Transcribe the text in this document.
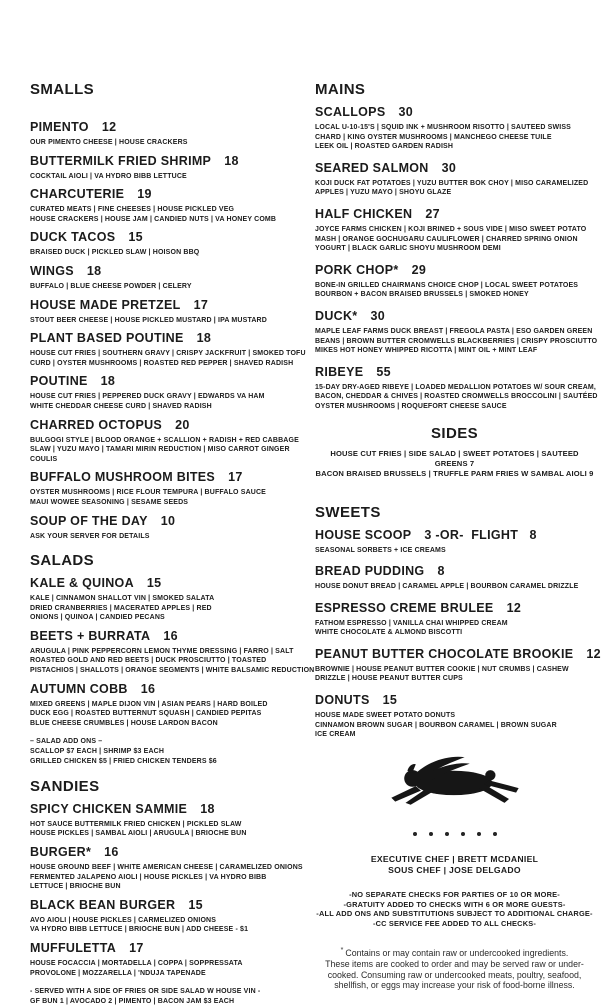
SMALLS
PIMENTO 12
OUR PIMENTO CHEESE | HOUSE CRACKERS
BUTTERMILK FRIED SHRIMP 18
COCKTAIL AIOLI | VA HYDRO BIBB LETTUCE
CHARCUTERIE 19
CURATED MEATS | FINE CHEESES | HOUSE PICKLED VEG
HOUSE CRACKERS | HOUSE JAM | CANDIED NUTS | VA HONEY COMB
DUCK TACOS 15
BRAISED DUCK | PICKLED SLAW | HOISON BBQ
WINGS 18
BUFFALO | BLUE CHEESE POWDER | CELERY
HOUSE MADE PRETZEL 17
STOUT BEER CHEESE | HOUSE PICKLED MUSTARD | IPA MUSTARD
PLANT BASED POUTINE 18
HOUSE CUT FRIES | SOUTHERN GRAVY | CRISPY JACKFRUIT | SMOKED TOFU
CURD | OYSTER MUSHROOMS | ROASTED RED PEPPER | SHAVED RADISH
POUTINE 18
HOUSE CUT FRIES | PEPPERED DUCK GRAVY | EDWARDS VA HAM
WHITE CHEDDAR CHEESE CURD | SHAVED RADISH
CHARRED OCTOPUS 20
BULGOGI STYLE | BLOOD ORANGE + SCALLION + RADISH + RED CABBAGE
SLAW | YUZU MAYO | TAMARI MIRIN REDUCTION | MISO CARROT GINGER
COULIS
BUFFALO MUSHROOM BITES 17
OYSTER MUSHROOMS | RICE FLOUR TEMPURA | BUFFALO SAUCE
MAUI WOWEE SEASONING | SESAME SEEDS
SOUP OF THE DAY 10
ASK YOUR SERVER FOR DETAILS
SALADS
KALE & QUINOA 15
KALE | CINNAMON SHALLOT VIN | SMOKED SALATA
DRIED CRANBERRIES | MACERATED APPLES | RED
ONIONS | QUINOA | CANDIED PECANS
BEETS + BURRATA 16
ARUGULA | PINK PEPPERCORN LEMON THYME DRESSING | FARRO | SALT
ROASTED GOLD AND RED BEETS | DUCK PROSCIUTTO | TOASTED
PISTACHIOS | SHALLOTS | ORANGE SEGMENTS | WHITE BALSAMIC REDUCTION
AUTUMN COBB 16
MIXED GREENS | MAPLE DIJON VIN | ASIAN PEARS | HARD BOILED
DUCK EGG | ROASTED BUTTERNUT SQUASH | CANDIED PEPITAS
BLUE CHEESE CRUMBLES | HOUSE LARDON BACON
– SALAD ADD ONS –
SCALLOP $7 EACH | SHRIMP $3 EACH
GRILLED CHICKEN $5 | FRIED CHICKEN TENDERS $6
SANDIES
SPICY CHICKEN SAMMIE 18
HOT SAUCE BUTTERMILK FRIED CHICKEN | PICKLED SLAW
HOUSE PICKLES | SAMBAL AIOLI | ARUGULA | BRIOCHE BUN
BURGER* 16
HOUSE GROUND BEEF | WHITE AMERICAN CHEESE | CARAMELIZED ONIONS
FERMENTED JALAPENO AIOLI | HOUSE PICKLES | VA HYDRO BIBB
LETTUCE | BRIOCHE BUN
BLACK BEAN BURGER 15
AVO AIOLI | HOUSE PICKLES | CARMELIZED ONIONS
VA HYDRO BIBB LETTUCE | BRIOCHE BUN | ADD CHEESE - $1
MUFFULETTA 17
HOUSE FOCACCIA | MORTADELLA | COPPA | SOPPRESSATA
PROVOLONE | MOZZARELLA | 'NDUJA TAPENADE
- SERVED WITH A SIDE OF FRIES OR SIDE SALAD W HOUSE VIN -
GF BUN 1 | AVOCADO 2 | PIMENTO | BACON JAM $3 EACH
MAINS
SCALLOPS 30
LOCAL U-10-15'S | SQUID INK + MUSHROOM RISOTTO | SAUTEED SWISS
CHARD | KING OYSTER MUSHROOMS | MANCHEGO CHEESE TUILE
LEEK OIL | ROASTED GARDEN RADISH
SEARED SALMON 30
KOJI DUCK FAT POTATOES | YUZU BUTTER BOK CHOY | MISO CARAMELIZED
APPLES | YUZU MAYO | SHOYU GLAZE
HALF CHICKEN 27
JOYCE FARMS CHICKEN | KOJI BRINED + SOUS VIDE | MISO SWEET POTATO
MASH | ORANGE GOCHUGARU CAULIFLOWER | CHARRED SPRING ONION
YOGURT | BLACK GARLIC SHOYU MUSHROOM DEMI
PORK CHOP* 29
BONE-IN GRILLED CHAIRMANS CHOICE CHOP | LOCAL SWEET POTATOES
BOURBON + BACON BRAISED BRUSSELS | SMOKED HONEY
DUCK* 30
MAPLE LEAF FARMS DUCK BREAST | FREGOLA PASTA | ESO GARDEN GREEN
BEANS | BROWN BUTTER CROMWELLS BLACKBERRIES | CRISPY PROSCIUTTO
MIKES HOT HONEY WHIPPED RICOTTA | MINT OIL + MINT LEAF
RIBEYE 55
15-DAY DRY-AGED RIBEYE | LOADED MEDALLION POTATOES W/ SOUR CREAM,
BACON, CHEDDAR & CHIVES | ROASTED CROMWELLS BROCCOLINI | SAUTÉED
OYSTER MUSHROOMS | ROQUEFORT CHEESE SAUCE
SIDES
HOUSE CUT FRIES | SIDE SALAD | SWEET POTATOES | SAUTEED GREENS 7
BACON BRAISED BRUSSELS | TRUFFLE PARM FRIES W SAMBAL AIOLI 9
SWEETS
HOUSE SCOOP 3 -OR-  FLIGHT   8
SEASONAL SORBETS + ICE CREAMS
BREAD PUDDING 8
HOUSE DONUT BREAD | CARAMEL APPLE | BOURBON CARAMEL DRIZZLE
ESPRESSO CREME BRULEE 12
FATHOM ESPRESSO | VANILLA CHAI WHIPPED CREAM
WHITE CHOCOLATE & ALMOND BISCOTTI
PEANUT BUTTER CHOCOLATE BROOKIE 12
BROWNIE | HOUSE PEANUT BUTTER COOKIE | NUT CRUMBS | CASHEW
DRIZZLE | HOUSE PEANUT BUTTER CUPS
DONUTS 15
HOUSE MADE SWEET POTATO DONUTS
CINNAMON BROWN SUGAR | BOURBON CARAMEL | BROWN SUGAR
ICE CREAM
EXECUTIVE CHEF | BRETT MCDANIEL
SOUS CHEF | JOSE DELGADO
-NO SEPARATE CHECKS FOR PARTIES OF 10 OR MORE-
-GRATUITY ADDED TO CHECKS WITH 6 OR MORE GUESTS-
-ALL ADD ONS AND SUBSTITUTIONS SUBJECT TO ADDITIONAL CHARGE-
-CC SERVICE FEE ADDED TO ALL CHECKS-
* Contains or may contain raw or undercooked ingredients.
These items are cooked to order and may be served raw or under-
cooked. Consuming raw or undercooked meats, poultry, seafood,
shellfish, or eggs may increase your risk of food-borne illness.
